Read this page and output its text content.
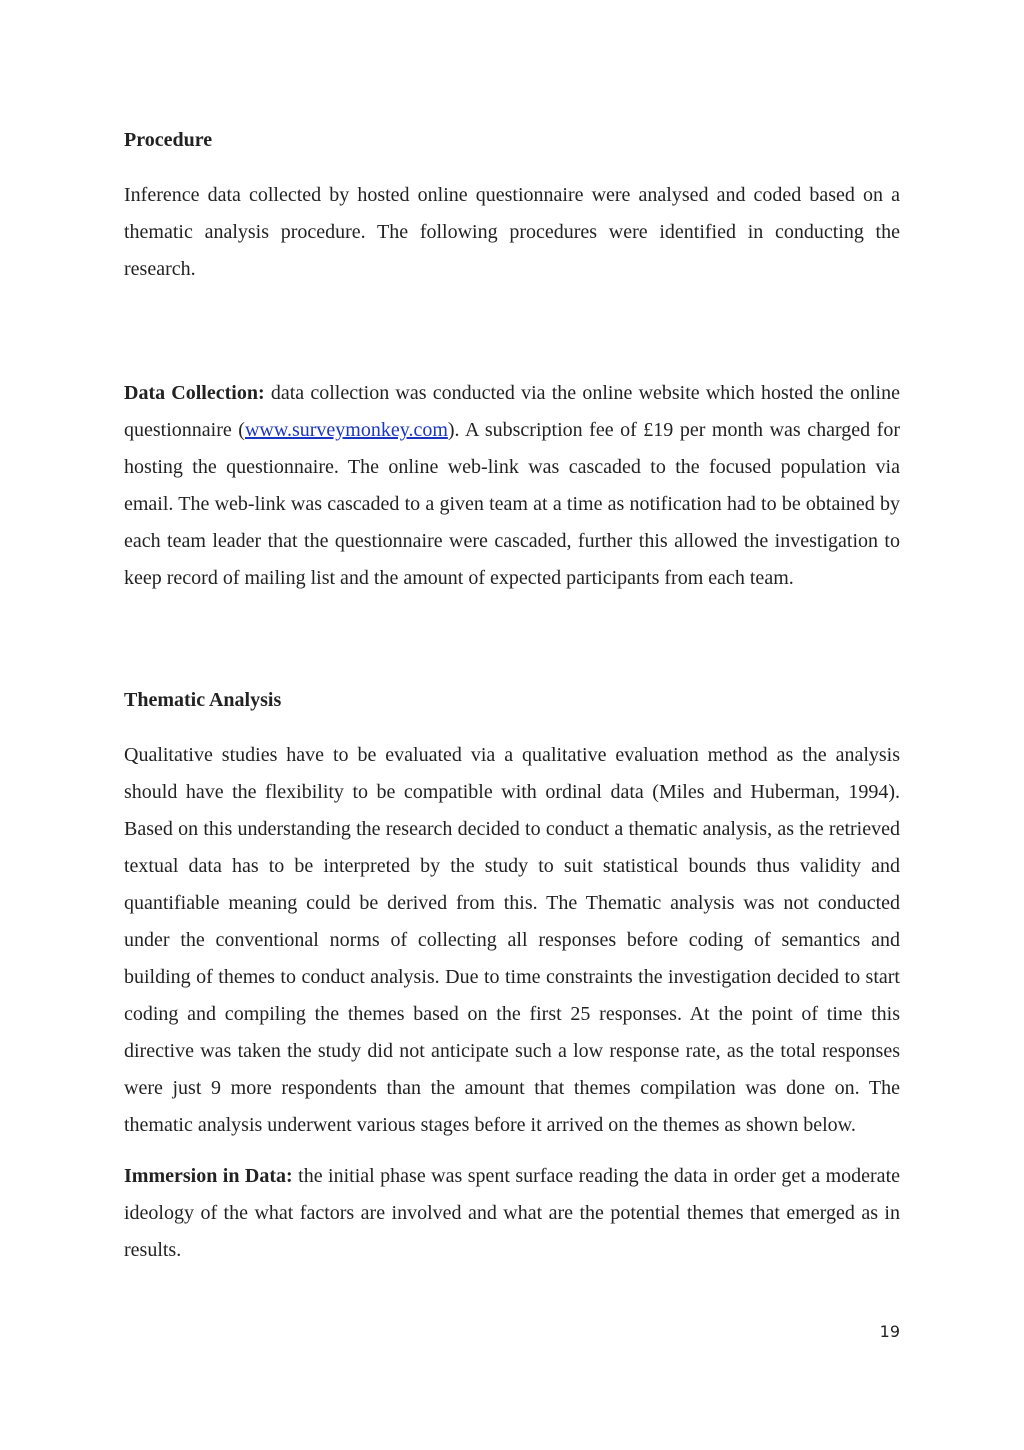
Procedure

Inference data collected by hosted online questionnaire were analysed and coded based on a thematic analysis procedure. The following procedures were identified in conducting the research.

Data Collection: data collection was conducted via the online website which hosted the online questionnaire (www.surveymonkey.com). A subscription fee of £19 per month was charged for hosting the questionnaire. The online web-link was cascaded to the focused population via email. The web-link was cascaded to a given team at a time as notification had to be obtained by each team leader that the questionnaire were cascaded, further this allowed the investigation to keep record of mailing list and the amount of expected participants from each team.

Thematic Analysis

Qualitative studies have to be evaluated via a qualitative evaluation method as the analysis should have the flexibility to be compatible with ordinal data (Miles and Huberman, 1994). Based on this understanding the research decided to conduct a thematic analysis, as the retrieved textual data has to be interpreted by the study to suit statistical bounds thus validity and quantifiable meaning could be derived from this. The Thematic analysis was not conducted under the conventional norms of collecting all responses before coding of semantics and building of themes to conduct analysis. Due to time constraints the investigation decided to start coding and compiling the themes based on the first 25 responses. At the point of time this directive was taken the study did not anticipate such a low response rate, as the total responses were just 9 more respondents than the amount that themes compilation was done on. The thematic analysis underwent various stages before it arrived on the themes as shown below.

Immersion in Data: the initial phase was spent surface reading the data in order get a moderate ideology of the what factors are involved and what are the potential themes that emerged as in results.

19
